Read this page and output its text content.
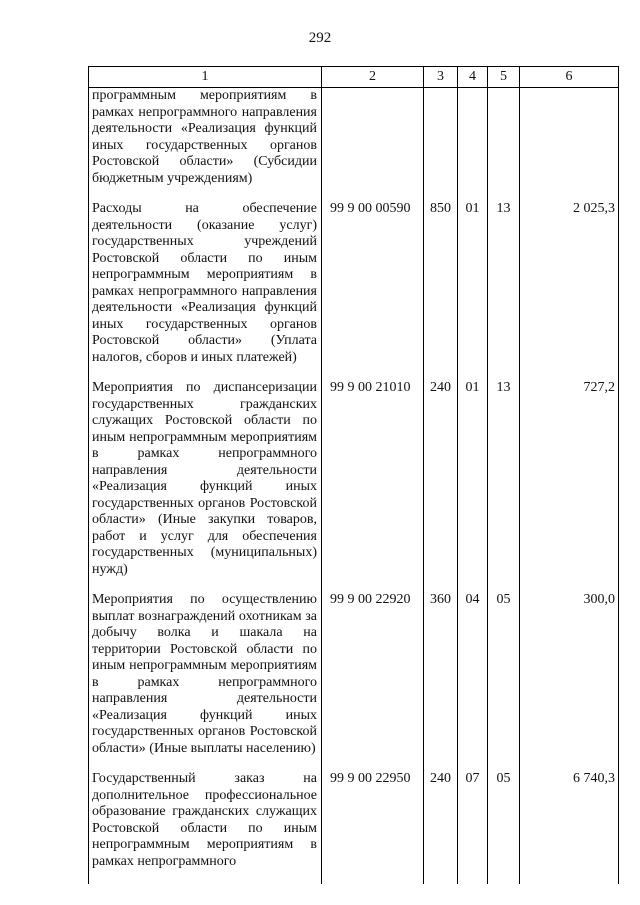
292
1	2	3	4	5	6
программным мероприятиям в рамках непрограммного направления деятельности «Реализация функций иных государственных органов Ростовской области» (Субсидии бюджетным учреждениям)					
Расходы на обеспечение деятельности (оказание услуг) государственных учреждений Ростовской области по иным непрограммным мероприятиям в рамках непрограммного направления деятельности «Реализация функций иных государственных органов Ростовской области» (Уплата налогов, сборов и иных платежей)	99 9 00 00590	850	01	13	2 025,3
Мероприятия по диспансеризации государственных гражданских служащих Ростовской области по иным непрограммным мероприятиям в рамках непрограммного направления деятельности «Реализация функций иных государственных органов Ростовской области» (Иные закупки товаров, работ и услуг для обеспечения государственных (муниципальных) нужд)	99 9 00 21010	240	01	13	727,2
Мероприятия по осуществлению выплат вознаграждений охотникам за добычу волка и шакала на территории Ростовской области по иным непрограммным мероприятиям в рамках непрограммного направления деятельности «Реализация функций иных государственных органов Ростовской области» (Иные выплаты населению)	99 9 00 22920	360	04	05	300,0
Государственный заказ на дополнительное профессиональное образование гражданских служащих Ростовской области по иным непрограммным мероприятиям в рамках непрограммного	99 9 00 22950	240	07	05	6 740,3
